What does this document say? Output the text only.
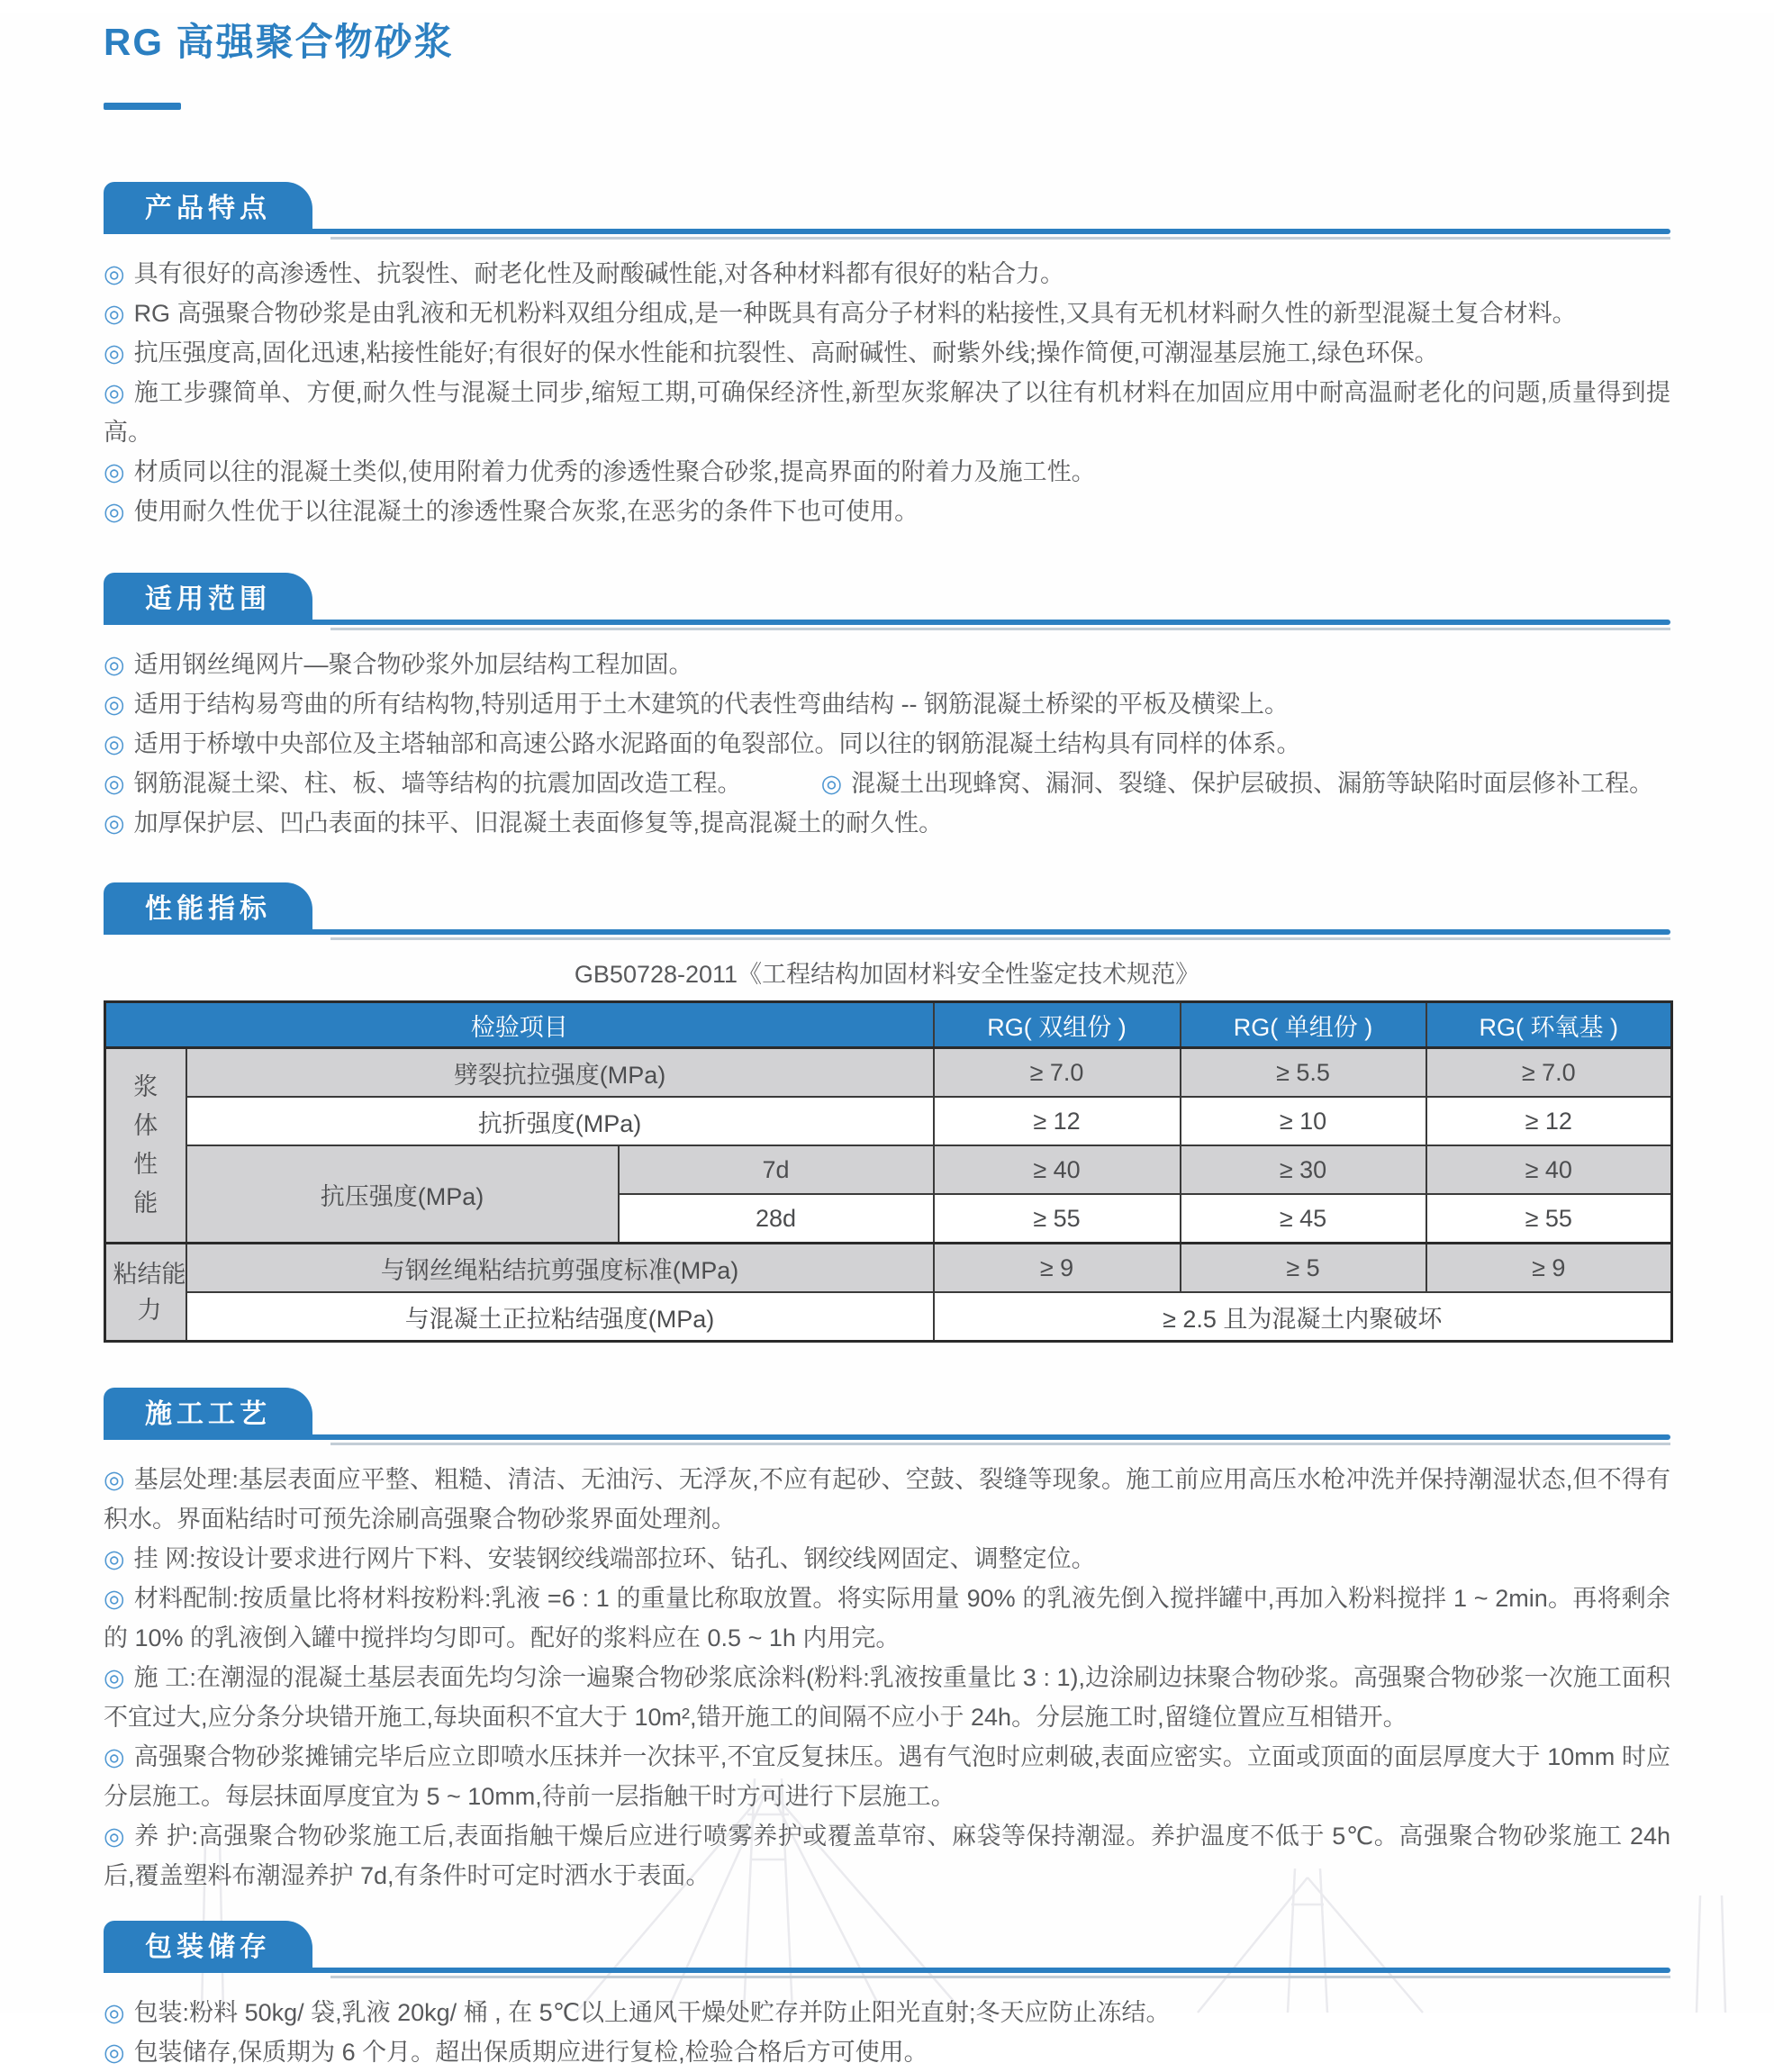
RG 高强聚合物砂浆
产品特点

◎ 具有很好的高渗透性、抗裂性、耐老化性及耐酸碱性能,对各种材料都有很好的粘合力。

◎ RG 高强聚合物砂浆是由乳液和无机粉料双组分组成,是一种既具有高分子材料的粘接性,又具有无机材料耐久性的新型混凝土复合材料。

◎ 抗压强度高,固化迅速,粘接性能好;有很好的保水性能和抗裂性、高耐碱性、耐紫外线;操作简便,可潮湿基层施工,绿色环保。

◎ 施工步骤简单、方便,耐久性与混凝土同步,缩短工期,可确保经济性,新型灰浆解决了以往有机材料在加固应用中耐高温耐老化的问题,质量得到提高。

◎ 材质同以往的混凝土类似,使用附着力优秀的渗透性聚合砂浆,提高界面的附着力及施工性。

◎ 使用耐久性优于以往混凝土的渗透性聚合灰浆,在恶劣的条件下也可使用。

适用范围

◎ 适用钢丝绳网片—聚合物砂浆外加层结构工程加固。

◎ 适用于结构易弯曲的所有结构物,特别适用于土木建筑的代表性弯曲结构 -- 钢筋混凝土桥梁的平板及横梁上。

◎ 适用于桥墩中央部位及主塔轴部和高速公路水泥路面的龟裂部位。同以往的钢筋混凝土结构具有同样的体系。

◎ 钢筋混凝土梁、柱、板、墙等结构的抗震加固改造工程。	◎ 混凝土出现蜂窝、漏洞、裂缝、保护层破损、漏筋等缺陷时面层修补工程。

◎ 加厚保护层、凹凸表面的抹平、旧混凝土表面修复等,提高混凝土的耐久性。

性能指标
GB50728-2011《工程结构加固材料安全性鉴定技术规范》
检验项目			RG( 双组份 )	RG( 单组份 )	RG( 环氧基 )
浆体性能	劈裂抗拉强度(MPa)		≥ 7.0	≥ 5.5	≥ 7.0
	抗折强度(MPa)		≥ 12	≥ 10	≥ 12
	抗压强度(MPa)	7d	≥ 40	≥ 30	≥ 40
		28d	≥ 55	≥ 45	≥ 55
粘结能力	与钢丝绳粘结抗剪强度标准(MPa)		≥ 9	≥ 5	≥ 9
	与混凝土正拉粘结强度(MPa)		≥ 2.5 且为混凝土内聚破坏		
施工工艺

◎ 基层处理:基层表面应平整、粗糙、清洁、无油污、无浮灰,不应有起砂、空鼓、裂缝等现象。施工前应用高压水枪冲洗并保持潮湿状态,但不得有积水。界面粘结时可预先涂刷高强聚合物砂浆界面处理剂。

◎ 挂 网:按设计要求进行网片下料、安装钢绞线端部拉环、钻孔、钢绞线网固定、调整定位。

◎ 材料配制:按质量比将材料按粉料:乳液 =6 : 1 的重量比称取放置。将实际用量 90% 的乳液先倒入搅拌罐中,再加入粉料搅拌 1 ~ 2min。再将剩余的 10% 的乳液倒入罐中搅拌均匀即可。配好的浆料应在 0.5 ~ 1h 内用完。

◎ 施 工:在潮湿的混凝土基层表面先均匀涂一遍聚合物砂浆底涂料(粉料:乳液按重量比 3 : 1),边涂刷边抹聚合物砂浆。高强聚合物砂浆一次施工面积不宜过大,应分条分块错开施工,每块面积不宜大于 10m²,错开施工的间隔不应小于 24h。分层施工时,留缝位置应互相错开。

◎ 高强聚合物砂浆摊铺完毕后应立即喷水压抹并一次抹平,不宜反复抹压。遇有气泡时应刺破,表面应密实。立面或顶面的面层厚度大于 10mm 时应分层施工。每层抹面厚度宜为 5 ~ 10mm,待前一层指触干时方可进行下层施工。

◎ 养 护:高强聚合物砂浆施工后,表面指触干燥后应进行喷雾养护或覆盖草帘、麻袋等保持潮湿。养护温度不低于 5℃。高强聚合物砂浆施工 24h 后,覆盖塑料布潮湿养护 7d,有条件时可定时洒水于表面。

包装储存

◎ 包装:粉料 50kg/ 袋,乳液 20kg/ 桶 , 在 5℃以上通风干燥处贮存并防止阳光直射;冬天应防止冻结。

◎ 包装储存,保质期为 6 个月。超出保质期应进行复检,检验合格后方可使用。
